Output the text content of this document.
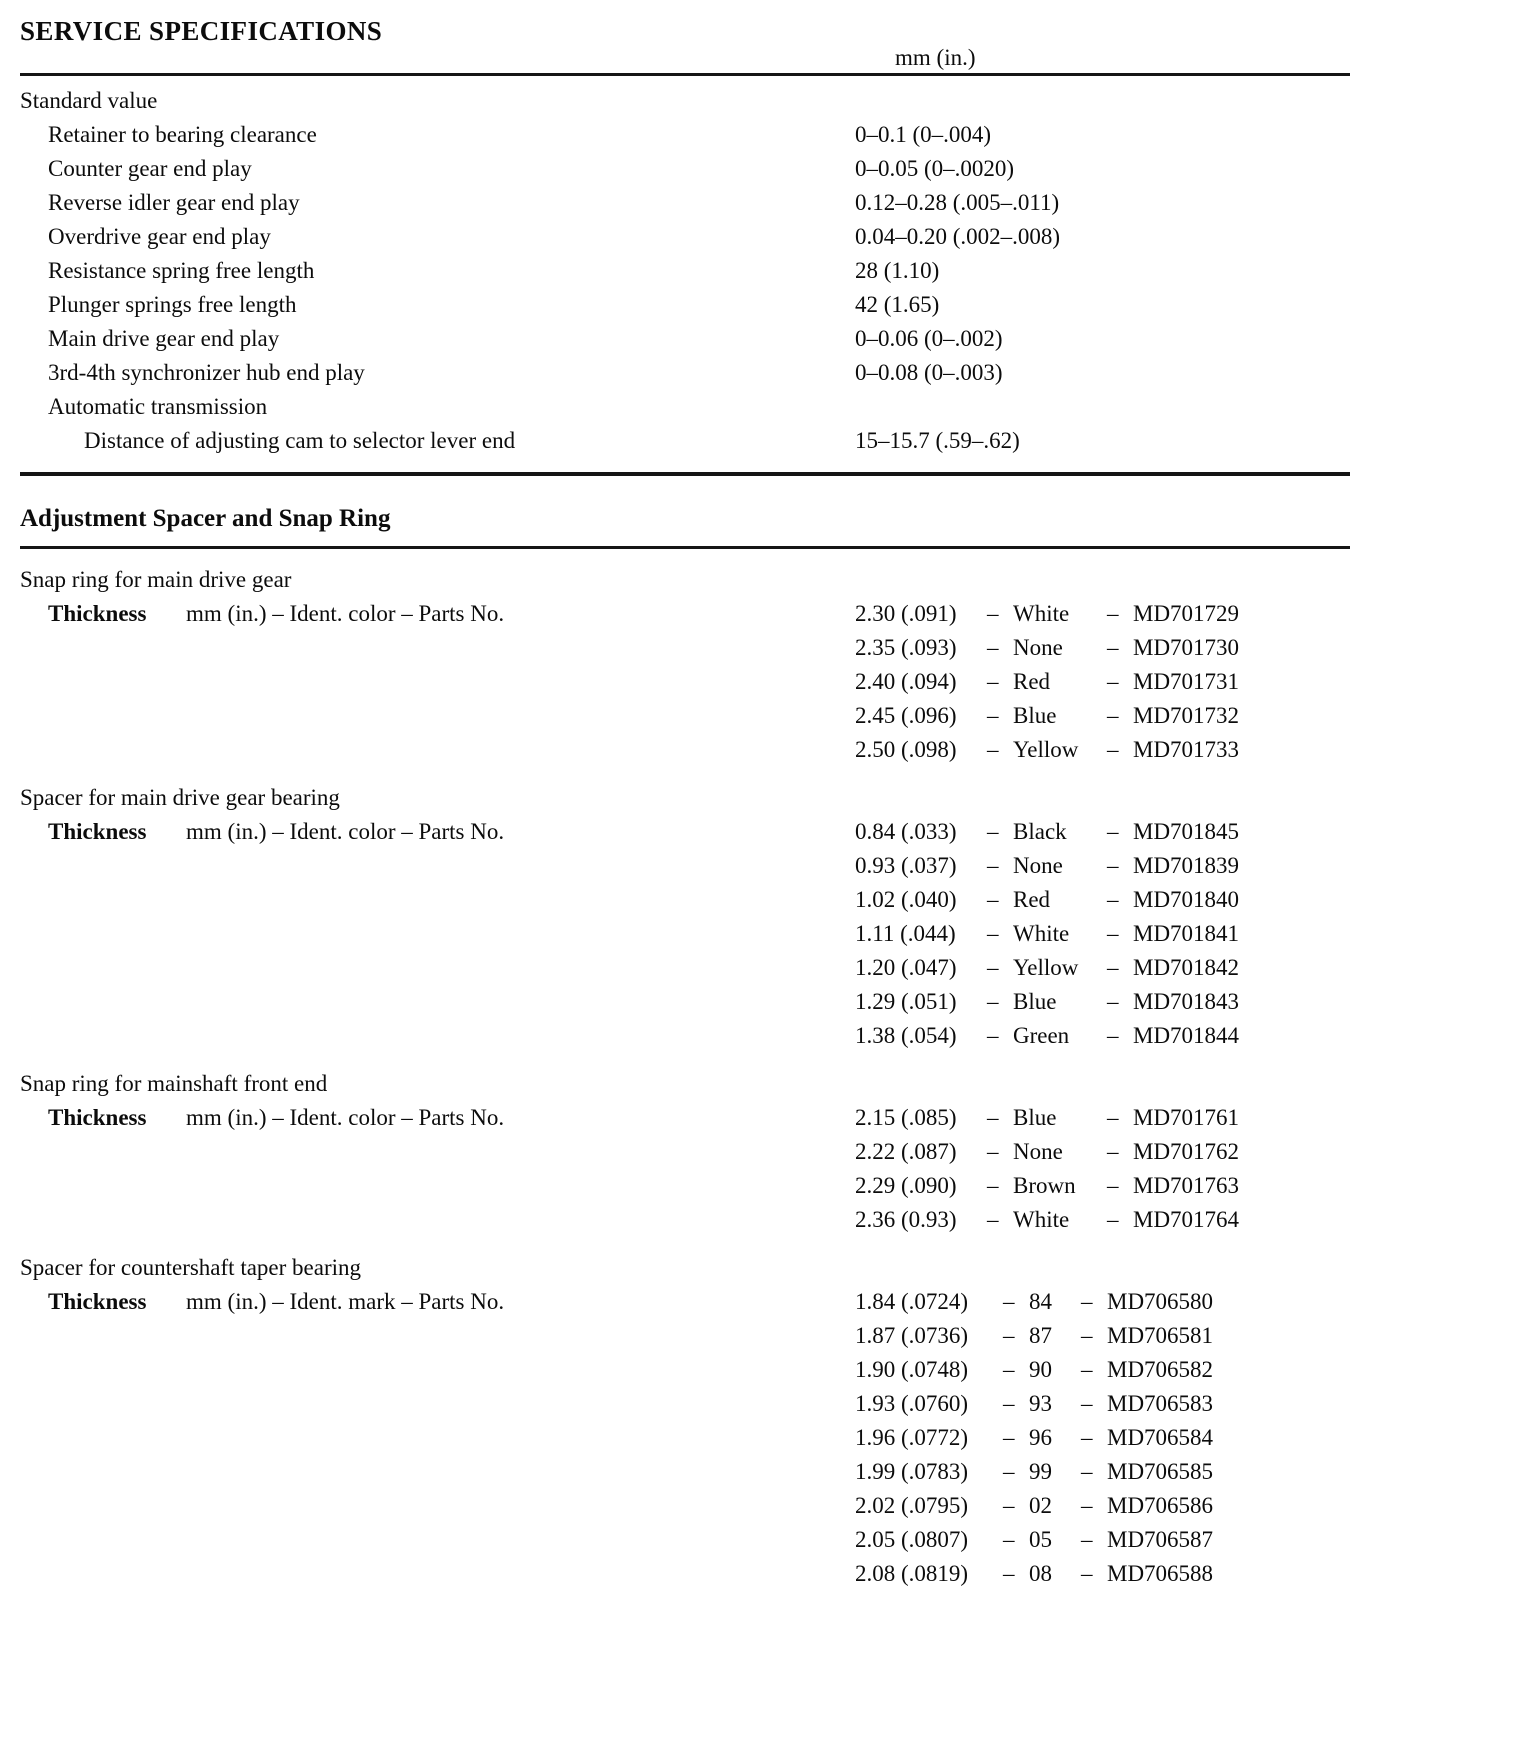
SERVICE SPECIFICATIONS
mm (in.)
Standard value
Retainer to bearing clearance	0–0.1 (0–.004)
Counter gear end play	0–0.05 (0–.0020)
Reverse idler gear end play	0.12–0.28 (.005–.011)
Overdrive gear end play	0.04–0.20 (.002–.008)
Resistance spring free length	28 (1.10)
Plunger springs free length	42 (1.65)
Main drive gear end play	0–0.06 (0–.002)
3rd-4th synchronizer hub end play	0–0.08 (0–.003)
Automatic transmission
Distance of adjusting cam to selector lever end	15–15.7 (.59–.62)
Adjustment Spacer and Snap Ring
Snap ring for main drive gear
Thickness mm (in.) – Ident. color – Parts No.	2.30 (.091)	– White	– MD701729
2.35 (.093)	– None	– MD701730
2.40 (.094)	– Red	– MD701731
2.45 (.096)	– Blue	– MD701732
2.50 (.098)	– Yellow	– MD701733
Spacer for main drive gear bearing
Thickness mm (in.) – Ident. color – Parts No.	0.84 (.033)	– Black	– MD701845
0.93 (.037)	– None	– MD701839
1.02 (.040)	– Red	– MD701840
1.11 (.044)	– White	– MD701841
1.20 (.047)	– Yellow	– MD701842
1.29 (.051)	– Blue	– MD701843
1.38 (.054)	– Green	– MD701844
Snap ring for mainshaft front end
Thickness mm (in.) – Ident. color – Parts No.	2.15 (.085)	– Blue	– MD701761
2.22 (.087)	– None	– MD701762
2.29 (.090)	– Brown	– MD701763
2.36 (0.93)	– White	– MD701764
Spacer for countershaft taper bearing
Thickness mm (in.) – Ident. mark – Parts No.	1.84 (.0724)	– 84	– MD706580
1.87 (.0736)	– 87	– MD706581
1.90 (.0748)	– 90	– MD706582
1.93 (.0760)	– 93	– MD706583
1.96 (.0772)	– 96	– MD706584
1.99 (.0783)	– 99	– MD706585
2.02 (.0795)	– 02	– MD706586
2.05 (.0807)	– 05	– MD706587
2.08 (.0819)	– 08	– MD706588
